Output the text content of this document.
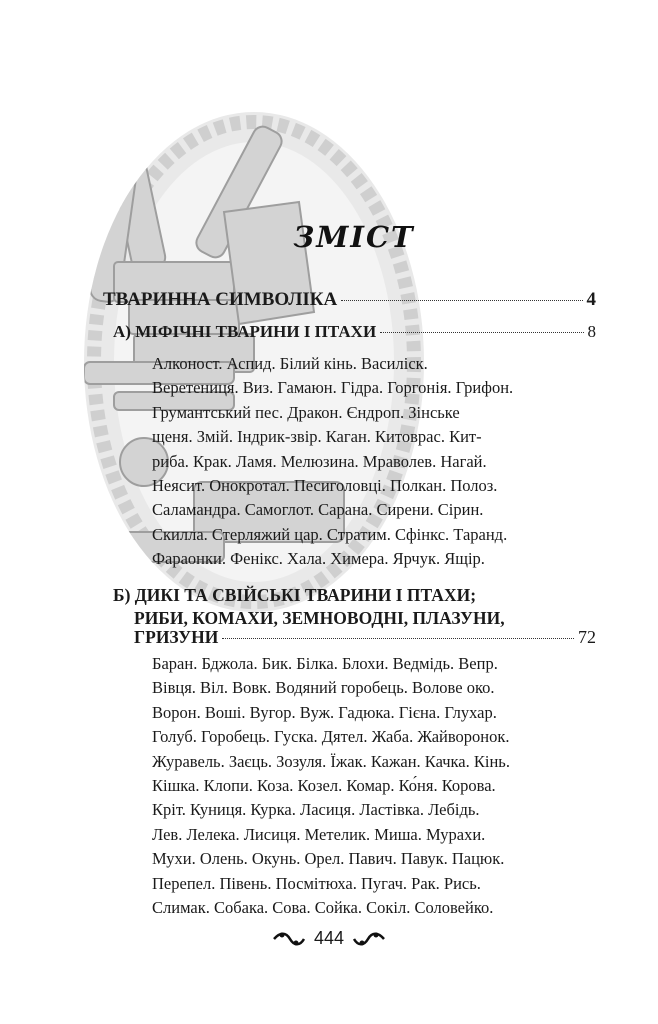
ЗМІСТ
ТВАРИННА СИМВОЛІКА	4
А) МІФІЧНІ ТВАРИНИ І ПТАХИ	8
Алконост. Аспид. Білий кінь. Василіск.
Веретениця. Виз. Гамаюн. Гідра. Горгонія. Грифон.
Грумантський пес. Дракон. Єндроп. Зінське
щеня. Змій. Індрик-звір. Каган. Китоврас. Кит-
риба. Крак. Ламя. Мелюзина. Мраволев. Нагай.
Неясит. Онокротал. Песиголовці. Полкан. Полоз.
Саламандра. Самоглот. Сарана. Сирени. Сірин.
Скилла. Стерляжий цар. Стратим. Сфінкс. Таранд.
Фараонки. Фенікс. Хала. Химера. Ярчук. Ящір.
Б) ДИКІ ТА СВІЙСЬКІ ТВАРИНИ І ПТАХИ;
РИБИ, КОМАХИ, ЗЕМНОВОДНІ, ПЛАЗУНИ,
ГРИЗУНИ	72
Баран. Бджола. Бик. Білка. Блохи. Ведмідь. Вепр.
Вівця. Віл. Вовк. Водяний горобець. Волове око.
Ворон. Воші. Вугор. Вуж. Гадюка. Гієна. Глухар.
Голуб. Горобець. Гуска. Дятел. Жаба. Жайворонок.
Журавель. Заєць. Зозуля. Їжак. Кажан. Качка. Кінь.
Кішка. Клопи. Коза. Козел. Комар. Ко́ня. Корова.
Кріт. Куниця. Курка. Ласиця. Ластівка. Лебідь.
Лев. Лелека. Лисиця. Метелик. Миша. Мурахи.
Мухи. Олень. Окунь. Орел. Павич. Павук. Пацюк.
Перепел. Півень. Посмітюха. Пугач. Рак. Рись.
Слимак. Собака. Сова. Сойка. Сокіл. Соловейко.
444
